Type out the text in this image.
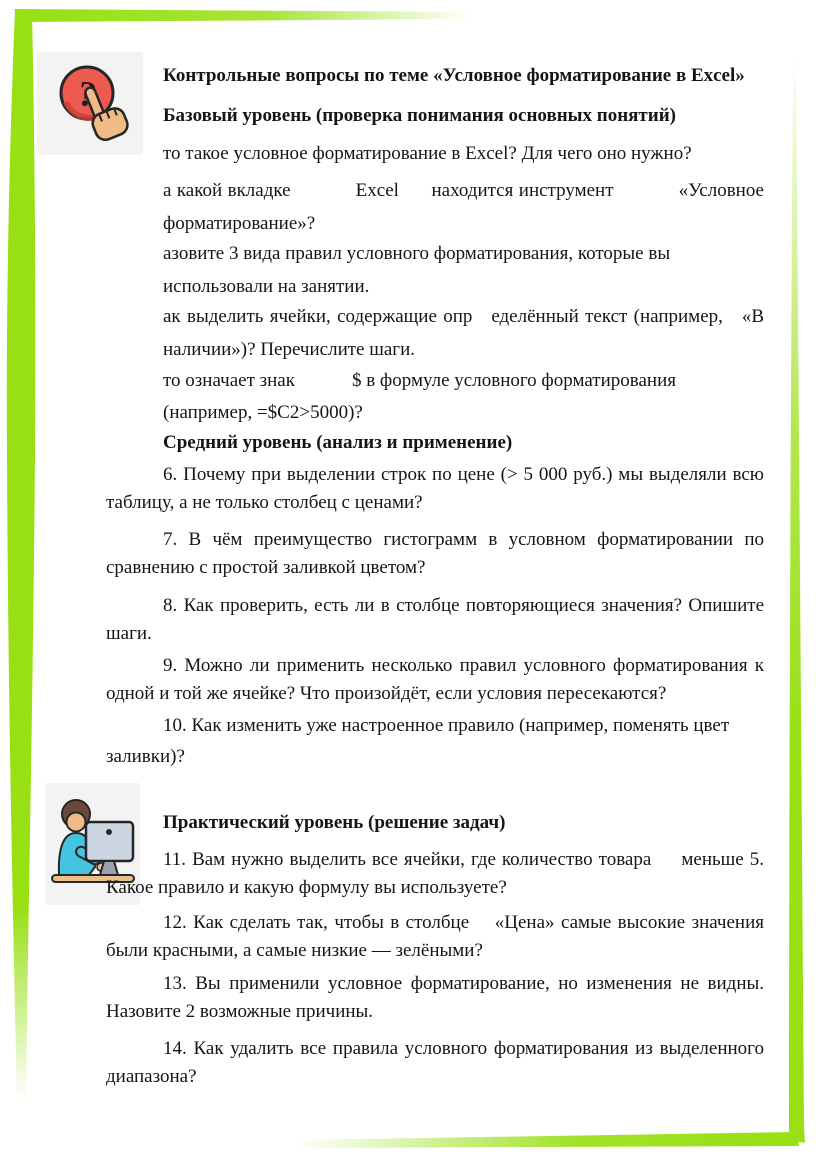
Контрольные вопросы по теме «Условное форматирование в Excel»
Базовый уровень (проверка понимания основных понятий)
то такое условное форматирование в Excel? Для чего оно нужно?
а какой вкладке            Excel      находится инструмент            «Условное
форматирование»?
азовите 3 вида правил условного форматирования, которые вы
использовали на занятии.
ак выделить ячейки, содержащие опр   еделённый текст (например,   «В
наличии»)? Перечислите шаги.
то означает знак            $ в формуле условного форматирования
(например, =$C2>5000)?
Средний уровень (анализ и применение)
6. Почему при выделении строк по цене (> 5 000 руб.) мы выделяли всю
таблицу, а не только столбец с ценами?
7. В чём преимущество гистограмм в условном форматировании по
сравнению с простой заливкой цветом?
8. Как проверить, есть ли в столбце повторяющиеся значения? Опишите
шаги.
9. Можно ли применить несколько правил условного форматирования к
одной и той же ячейке? Что произойдёт, если условия пересекаются?
10. Как изменить уже настроенное правило (например, поменять цвет
заливки)?
Практический уровень (решение задач)
11. Вам нужно выделить все ячейки, где количество товара     меньше 5.
Какое правило и какую формулу вы используете?
12. Как сделать так, чтобы в столбце    «Цена» самые высокие значения
были красными, а самые низкие — зелёными?
13. Вы применили условное форматирование, но изменения не видны.
Назовите 2 возможные причины.
14. Как удалить все правила условного форматирования из выделенного
диапазона?
